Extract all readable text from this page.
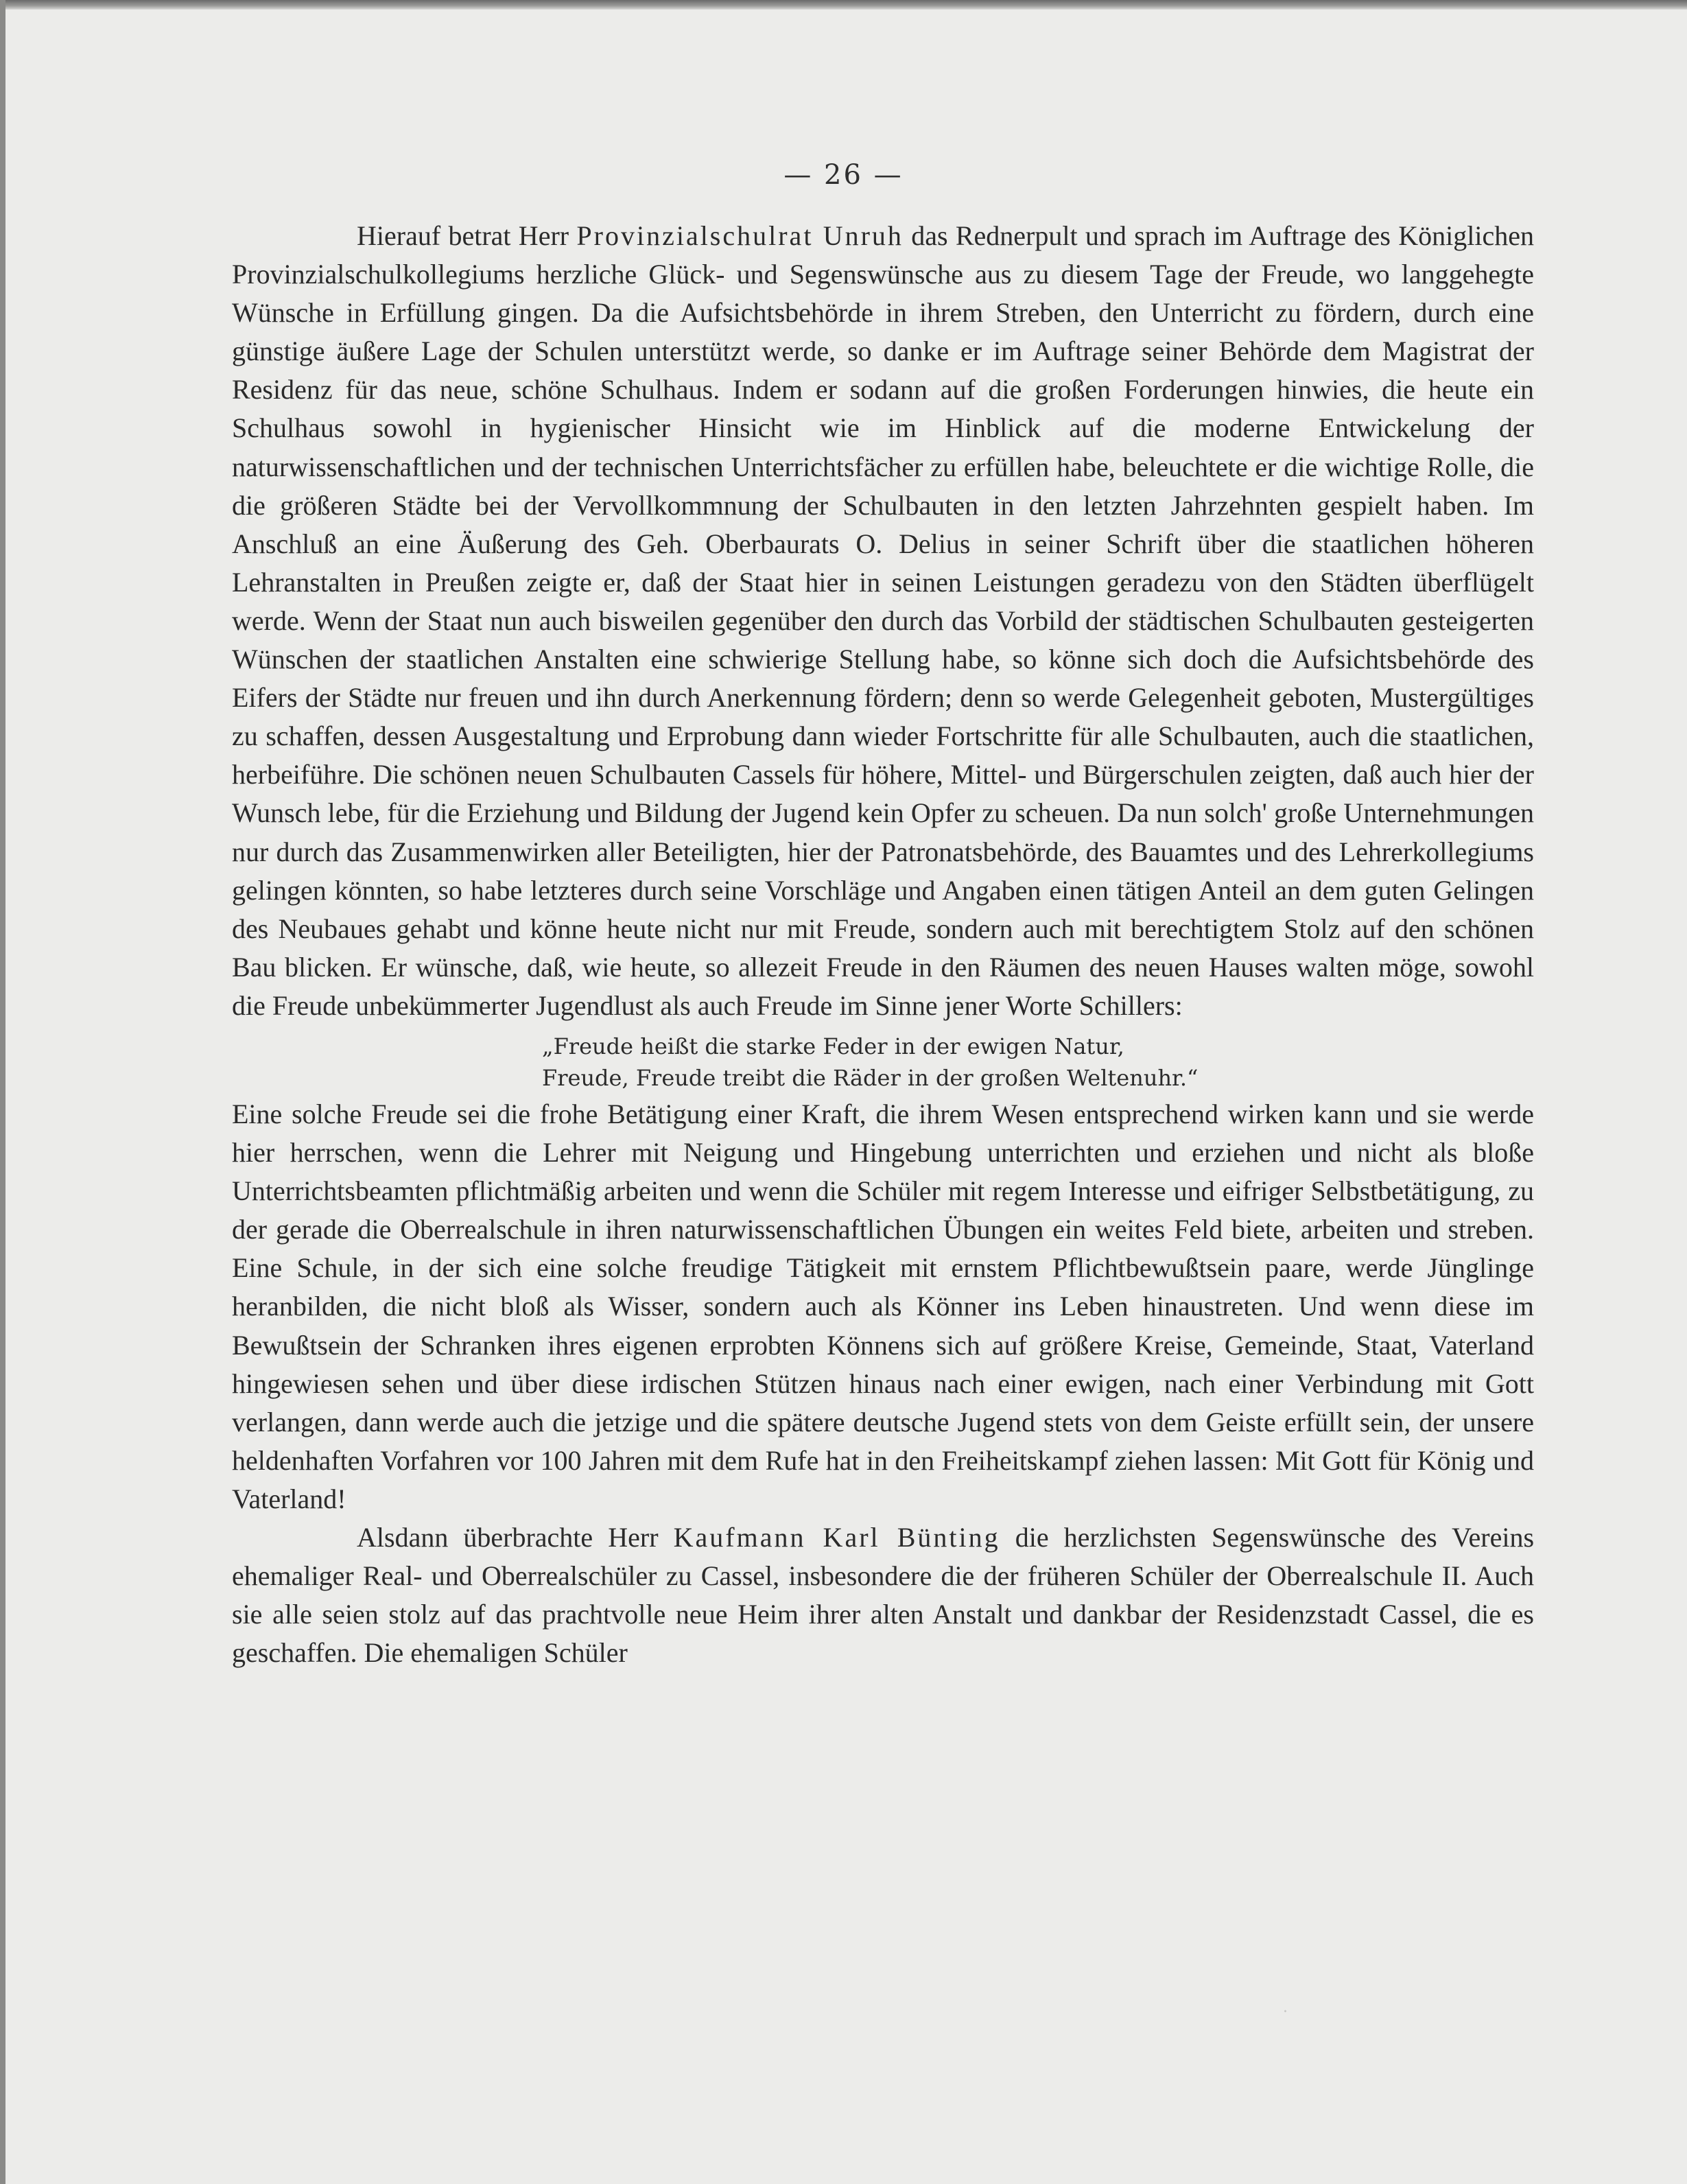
— 26 —

Hierauf betrat Herr Provinzialschulrat Unruh das Rednerpult und sprach im Auftrage des Königlichen Provinzialschulkollegiums herzliche Glück- und Segenswünsche aus zu diesem Tage der Freude, wo langgehegte Wünsche in Erfüllung gingen. Da die Aufsichtsbehörde in ihrem Streben, den Unterricht zu fördern, durch eine günstige äußere Lage der Schulen unterstützt werde, so danke er im Auftrage seiner Behörde dem Magistrat der Residenz für das neue, schöne Schulhaus. Indem er sodann auf die großen Forderungen hinwies, die heute ein Schulhaus sowohl in hygienischer Hinsicht wie im Hinblick auf die moderne Entwickelung der naturwissenschaftlichen und der technischen Unterrichtsfächer zu erfüllen habe, beleuchtete er die wichtige Rolle, die die größeren Städte bei der Vervollkommnung der Schulbauten in den letzten Jahrzehnten gespielt haben. Im Anschluß an eine Äußerung des Geh. Oberbaurats O. Delius in seiner Schrift über die staatlichen höheren Lehranstalten in Preußen zeigte er, daß der Staat hier in seinen Leistungen geradezu von den Städten überflügelt werde. Wenn der Staat nun auch bisweilen gegenüber den durch das Vorbild der städtischen Schulbauten gesteigerten Wünschen der staatlichen Anstalten eine schwierige Stellung habe, so könne sich doch die Aufsichtsbehörde des Eifers der Städte nur freuen und ihn durch Anerkennung fördern; denn so werde Gelegenheit geboten, Mustergültiges zu schaffen, dessen Ausgestaltung und Erprobung dann wieder Fortschritte für alle Schulbauten, auch die staatlichen, herbeiführe. Die schönen neuen Schulbauten Cassels für höhere, Mittel- und Bürgerschulen zeigten, daß auch hier der Wunsch lebe, für die Erziehung und Bildung der Jugend kein Opfer zu scheuen. Da nun solch' große Unternehmungen nur durch das Zusammenwirken aller Beteiligten, hier der Patronatsbehörde, des Bauamtes und des Lehrerkollegiums gelingen könnten, so habe letzteres durch seine Vorschläge und Angaben einen tätigen Anteil an dem guten Gelingen des Neubaues gehabt und könne heute nicht nur mit Freude, sondern auch mit berechtigtem Stolz auf den schönen Bau blicken. Er wünsche, daß, wie heute, so allezeit Freude in den Räumen des neuen Hauses walten möge, sowohl die Freude unbekümmerter Jugendlust als auch Freude im Sinne jener Worte Schillers:

„Freude heißt die starke Feder in der ewigen Natur,
Freude, Freude treibt die Räder in der großen Weltenuhr.“

Eine solche Freude sei die frohe Betätigung einer Kraft, die ihrem Wesen entsprechend wirken kann und sie werde hier herrschen, wenn die Lehrer mit Neigung und Hingebung unterrichten und erziehen und nicht als bloße Unterrichtsbeamten pflichtmäßig arbeiten und wenn die Schüler mit regem Interesse und eifriger Selbstbetätigung, zu der gerade die Oberrealschule in ihren naturwissenschaftlichen Übungen ein weites Feld biete, arbeiten und streben. Eine Schule, in der sich eine solche freudige Tätigkeit mit ernstem Pflichtbewußtsein paare, werde Jünglinge heranbilden, die nicht bloß als Wisser, sondern auch als Könner ins Leben hinaustreten. Und wenn diese im Bewußtsein der Schranken ihres eigenen erprobten Könnens sich auf größere Kreise, Gemeinde, Staat, Vaterland hingewiesen sehen und über diese irdischen Stützen hinaus nach einer ewigen, nach einer Verbindung mit Gott verlangen, dann werde auch die jetzige und die spätere deutsche Jugend stets von dem Geiste erfüllt sein, der unsere heldenhaften Vorfahren vor 100 Jahren mit dem Rufe hat in den Freiheitskampf ziehen lassen: Mit Gott für König und Vaterland!

Alsdann überbrachte Herr Kaufmann Karl Bünting die herzlichsten Segenswünsche des Vereins ehemaliger Real- und Oberrealschüler zu Cassel, insbesondere die der früheren Schüler der Oberrealschule II. Auch sie alle seien stolz auf das prachtvolle neue Heim ihrer alten Anstalt und dankbar der Residenzstadt Cassel, die es geschaffen. Die ehemaligen Schüler

·
